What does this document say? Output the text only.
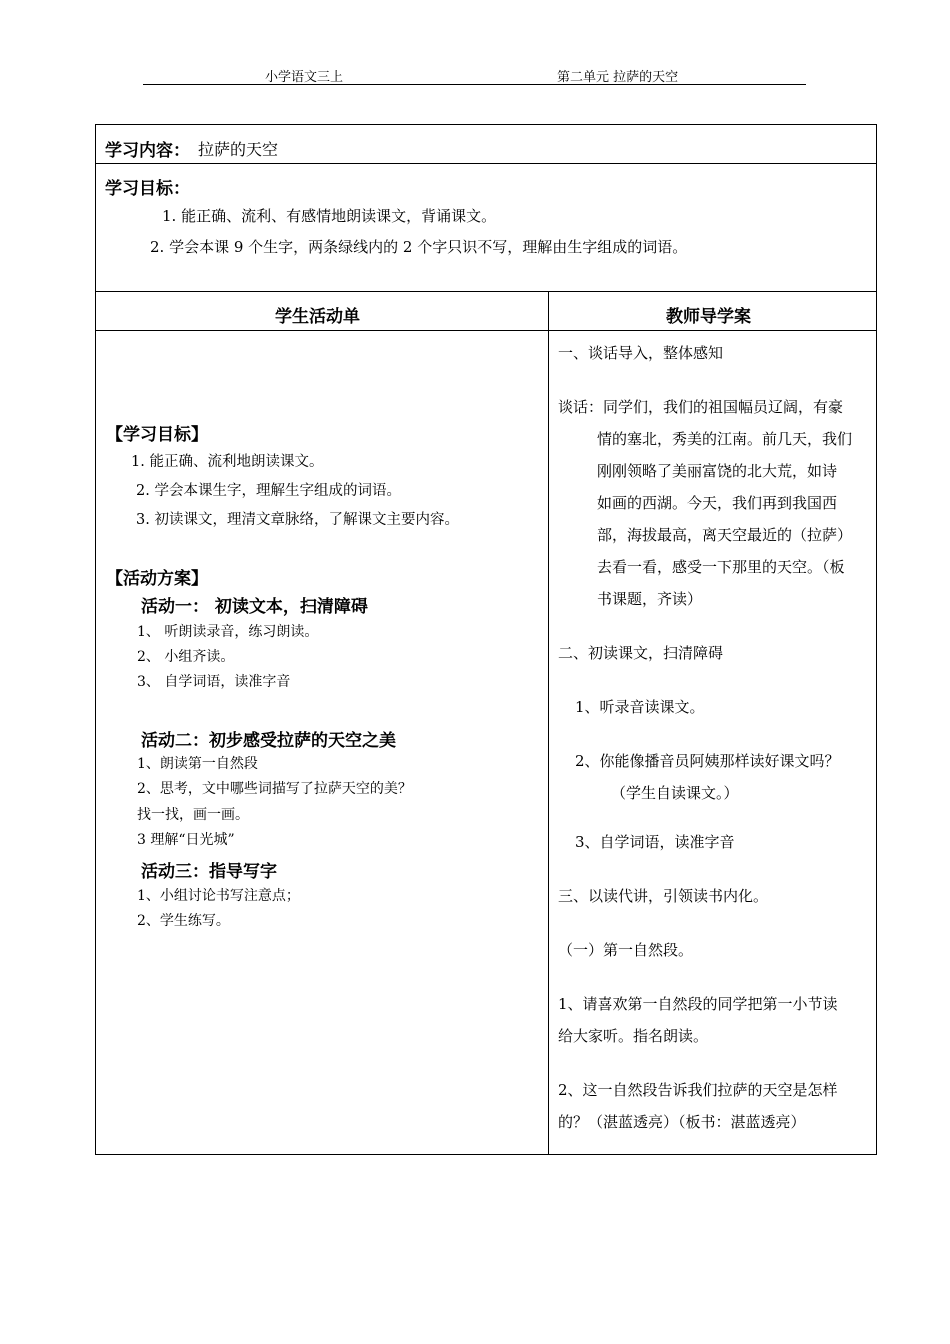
小学语文三上	第二单元 拉萨的天空
学习内容： 拉萨的天空
学习目标：
1. 能正确、流利、有感情地朗读课文，背诵课文。
2. 学会本课 9 个生字，两条绿线内的 2 个字只识不写，理解由生字组成的词语。
学生活动单	教师导学案
【学习目标】
1. 能正确、流利地朗读课文。
2. 学会本课生字，理解生字组成的词语。
3. 初读课文，理清文章脉络，了解课文主要内容。
【活动方案】
活动一： 初读文本，扫清障碍
1、 听朗读录音，练习朗读。
2、 小组齐读。
3、 自学词语，读准字音
活动二：初步感受拉萨的天空之美
1、朗读第一自然段
2、思考，文中哪些词描写了拉萨天空的美？
找一找，画一画。
3 理解“日光城”
活动三：指导写字
1、小组讨论书写注意点；
2、学生练写。
一、谈话导入，整体感知
谈话：同学们，我们的祖国幅员辽阔，有豪
情的塞北，秀美的江南。前几天，我们
刚刚领略了美丽富饶的北大荒，如诗
如画的西湖。今天，我们再到我国西
部，海拔最高，离天空最近的（拉萨）
去看一看，感受一下那里的天空。（板
书课题，齐读）
二、初读课文，扫清障碍
1、听录音读课文。
2、你能像播音员阿姨那样读好课文吗？
（学生自读课文。）
3、自学词语，读准字音
三、以读代讲，引领读书内化。
（一）第一自然段。
1、请喜欢第一自然段的同学把第一小节读
给大家听。指名朗读。
2、这一自然段告诉我们拉萨的天空是怎样
的？（湛蓝透亮）（板书：湛蓝透亮）
